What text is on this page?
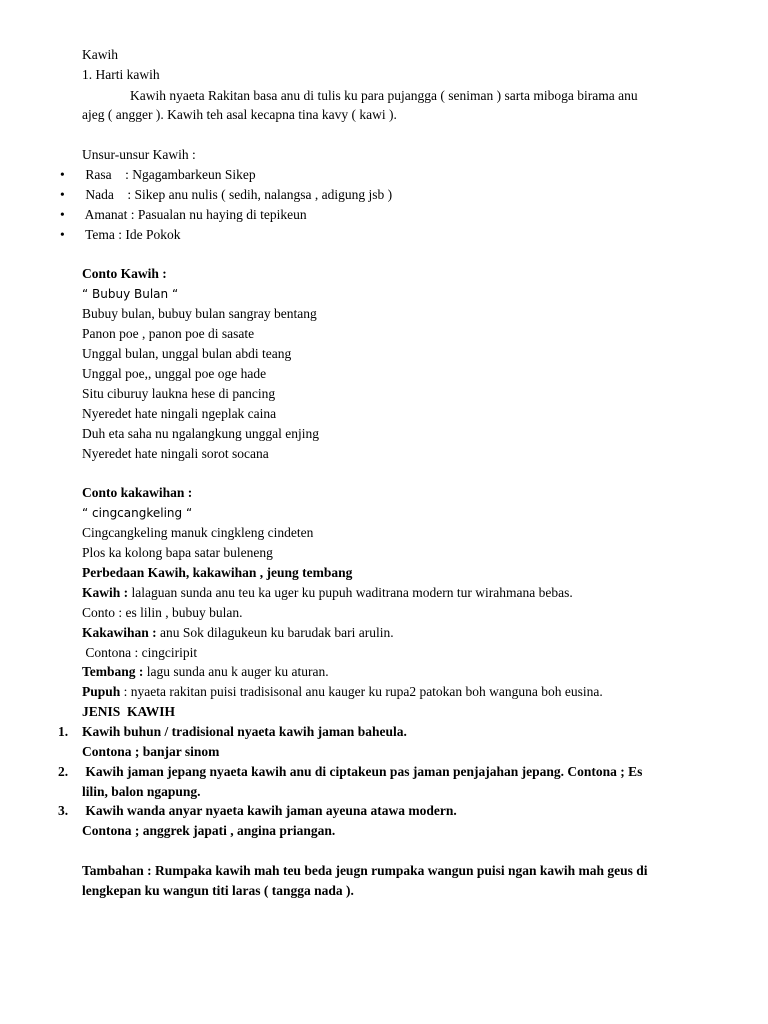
Kawih
1. Harti kawih
Kawih nyaeta Rakitan basa anu di tulis ku para pujangga ( seniman ) sarta miboga birama anu
ajeg ( angger ). Kawih teh asal kecapna tina kavy ( kawi ).
Unsur-unsur Kawih :
• Rasa    : Ngagambarkeun Sikep
• Nada    : Sikep anu nulis ( sedih, nalangsa , adigung jsb )
• Amanat : Pasualan nu haying di tepikeun
• Tema : Ide Pokok
Conto Kawih :
“ Bubuy Bulan “
Bubuy bulan, bubuy bulan sangray bentang
Panon poe , panon poe di sasate
Unggal bulan, unggal bulan abdi teang
Unggal poe,, unggal poe oge hade
Situ ciburuy laukna hese di pancing
Nyeredet hate ningali ngeplak caina
Duh eta saha nu ngalangkung unggal enjing
Nyeredet hate ningali sorot socana
Conto kakawihan :
“ cingcangkeling “
Cingcangkeling manuk cingkleng cindeten
Plos ka kolong bapa satar buleneng
Perbedaan Kawih, kakawihan , jeung tembang
Kawih : lalaguan sunda anu teu ka uger ku pupuh waditrana modern tur wirahmana bebas.
Conto : es lilin , bubuy bulan.
Kakawihan : anu Sok dilagukeun ku barudak bari arulin.
Contona : cingciripit
Tembang : lagu sunda anu k auger ku aturan.
Pupuh : nyaeta rakitan puisi tradisisonal anu kauger ku rupa2 patokan boh wanguna boh eusina.
JENIS  KAWIH
1. Kawih buhun / tradisional nyaeta kawih jaman baheula.
Contona ; banjar sinom
2. Kawih jaman jepang nyaeta kawih anu di ciptakeun pas jaman penjajahan jepang. Contona ; Es
lilin, balon ngapung.
3. Kawih wanda anyar nyaeta kawih jaman ayeuna atawa modern.
Contona ; anggrek japati , angina priangan.
Tambahan : Rumpaka kawih mah teu beda jeugn rumpaka wangun puisi ngan kawih mah geus di
lengkepan ku wangun titi laras ( tangga nada ).
